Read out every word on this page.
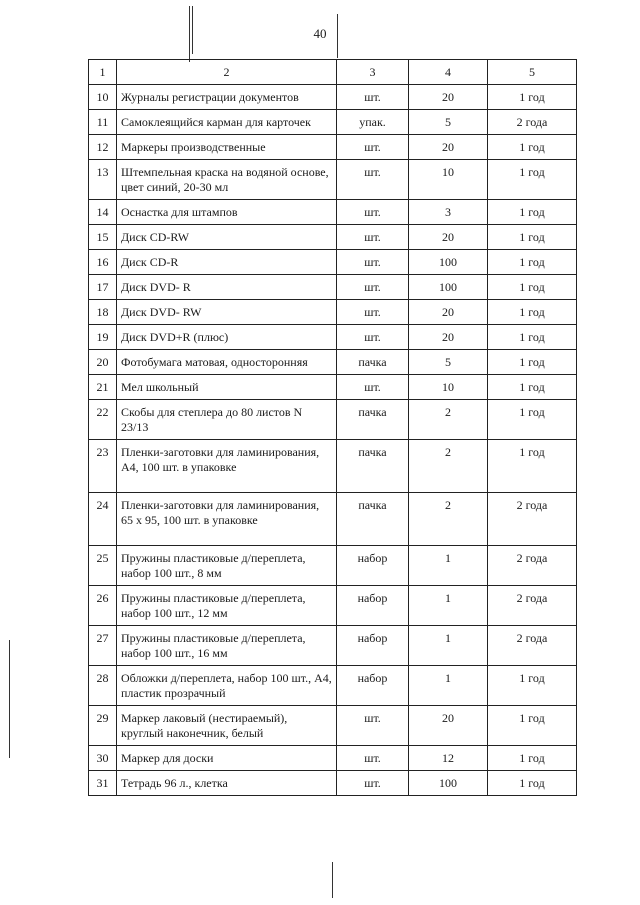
40
1	2	3	4	5
10	Журналы регистрации документов	шт.	20	1 год
11	Самоклеящийся карман для карточек	упак.	5	2 года
12	Маркеры производственные	шт.	20	1 год
13	Штемпельная краска на водяной основе, цвет синий, 20-30 мл	шт.	10	1 год
14	Оснастка для штампов	шт.	3	1 год
15	Диск CD-RW	шт.	20	1 год
16	Диск CD-R	шт.	100	1 год
17	Диск DVD- R	шт.	100	1 год
18	Диск DVD- RW	шт.	20	1 год
19	Диск DVD+R (плюс)	шт.	20	1 год
20	Фотобумага матовая, односторонняя	пачка	5	1 год
21	Мел школьный	шт.	10	1 год
22	Скобы для степлера до 80 листов N 23/13	пачка	2	1 год
23	Пленки-заготовки для ламинирования, А4, 100 шт. в упаковке	пачка	2	1 год
24	Пленки-заготовки для ламинирования, 65 x 95, 100 шт. в упаковке	пачка	2	2 года
25	Пружины пластиковые д/переплета, набор 100 шт., 8 мм	набор	1	2 года
26	Пружины пластиковые д/переплета, набор 100 шт., 12 мм	набор	1	2 года
27	Пружины пластиковые д/переплета, набор 100 шт., 16 мм	набор	1	2 года
28	Обложки д/переплета, набор 100 шт., А4, пластик прозрачный	набор	1	1 год
29	Маркер лаковый (нестираемый), круглый наконечник, белый	шт.	20	1 год
30	Маркер для доски	шт.	12	1 год
31	Тетрадь 96 л., клетка	шт.	100	1 год
